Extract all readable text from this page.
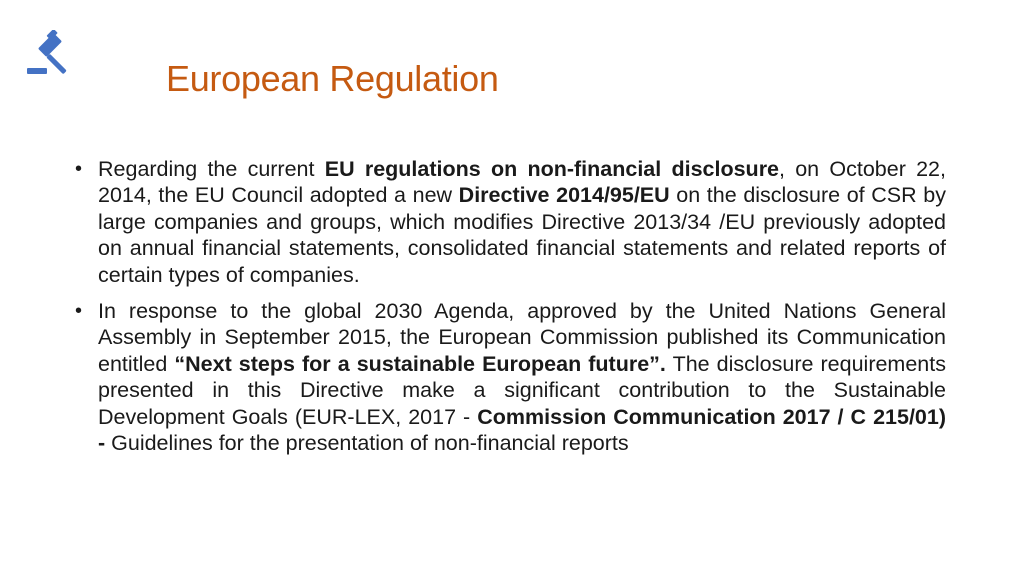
European Regulation
• Regarding the current EU regulations on non-financial disclosure, on October 22, 2014, the EU Council adopted a new Directive 2014/95/EU on the disclosure of CSR by large companies and groups, which modifies Directive 2013/34 /EU previously adopted on annual financial statements, consolidated financial statements and related reports of certain types of companies.
• In response to the global 2030 Agenda, approved by the United Nations General Assembly in September 2015, the European Commission published its Communication entitled “Next steps for a sustainable European future”. The disclosure requirements presented in this Directive make a significant contribution to the Sustainable Development Goals (EUR-LEX, 2017 - Commission Communication 2017 / C 215/01) - Guidelines for the presentation of non-financial reports
